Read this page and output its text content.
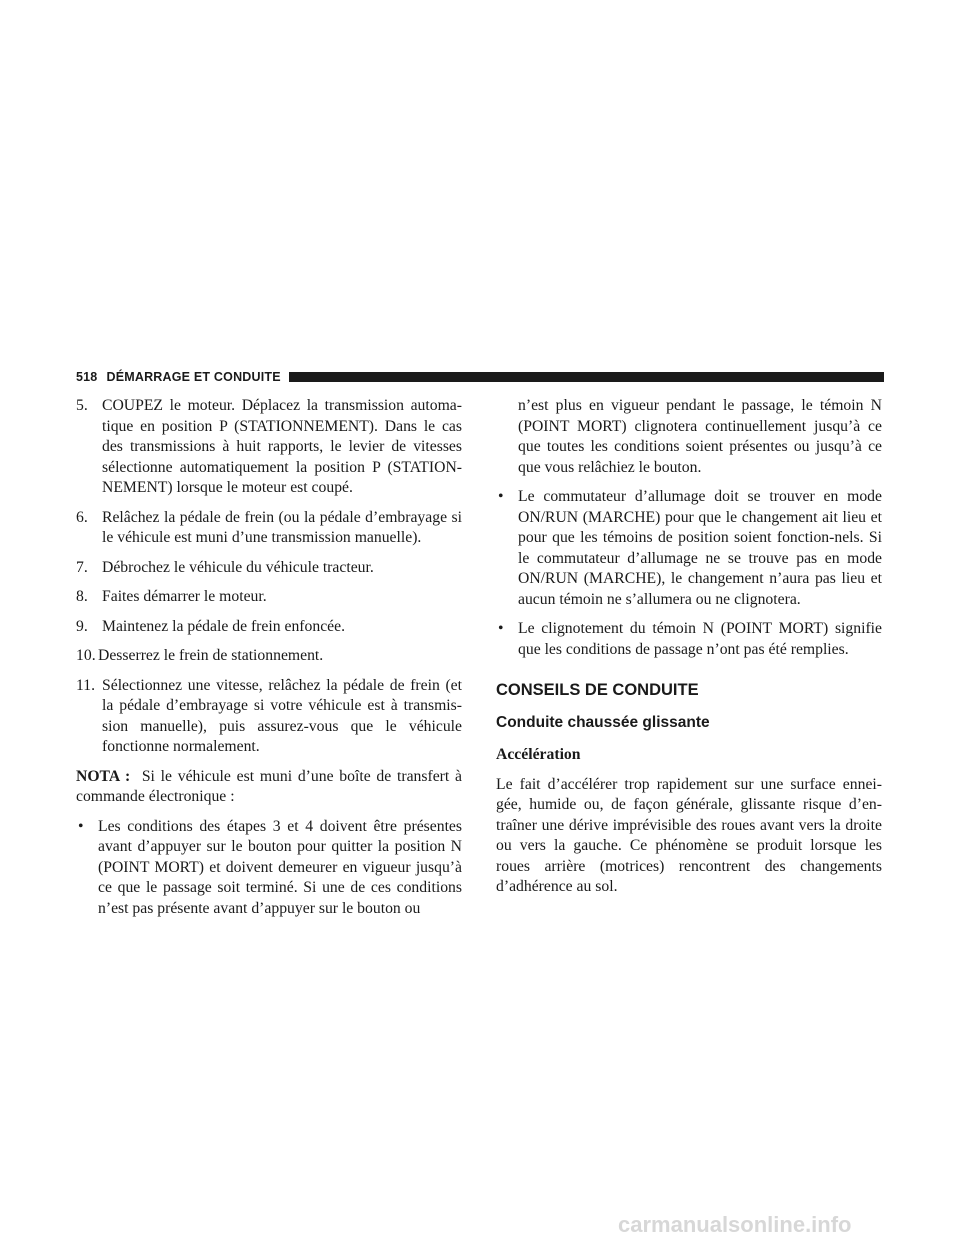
518 DÉMARRAGE ET CONDUITE

5. COUPEZ le moteur. Déplacez la transmission automa-tique en position P (STATIONNEMENT). Dans le cas des transmissions à huit rapports, le levier de vitesses sélectionne automatiquement la position P (STATION-NEMENT) lorsque le moteur est coupé.

6. Relâchez la pédale de frein (ou la pédale d’embrayage si le véhicule est muni d’une transmission manuelle).

7. Débrochez le véhicule du véhicule tracteur.

8. Faites démarrer le moteur.

9. Maintenez la pédale de frein enfoncée.

10. Desserrez le frein de stationnement.

11. Sélectionnez une vitesse, relâchez la pédale de frein (et la pédale d’embrayage si votre véhicule est à transmis-sion manuelle), puis assurez-vous que le véhicule fonctionne normalement.

NOTA : Si le véhicule est muni d’une boîte de transfert à commande électronique :

• Les conditions des étapes 3 et 4 doivent être présentes avant d’appuyer sur le bouton pour quitter la position N (POINT MORT) et doivent demeurer en vigueur jusqu’à ce que le passage soit terminé. Si une de ces conditions n’est pas présente avant d’appuyer sur le bouton ou

n’est plus en vigueur pendant le passage, le témoin N (POINT MORT) clignotera continuellement jusqu’à ce que toutes les conditions soient présentes ou jusqu’à ce que vous relâchiez le bouton.

• Le commutateur d’allumage doit se trouver en mode ON/RUN (MARCHE) pour que le changement ait lieu et pour que les témoins de position soient fonction-nels. Si le commutateur d’allumage ne se trouve pas en mode ON/RUN (MARCHE), le changement n’aura pas lieu et aucun témoin ne s’allumera ou ne clignotera.

• Le clignotement du témoin N (POINT MORT) signifie que les conditions de passage n’ont pas été remplies.

CONSEILS DE CONDUITE
Conduite chaussée glissante
Accélération

Le fait d’accélérer trop rapidement sur une surface ennei-gée, humide ou, de façon générale, glissante risque d’en-traîner une dérive imprévisible des roues avant vers la droite ou vers la gauche. Ce phénomène se produit lorsque les roues arrière (motrices) rencontrent des changements d’adhérence au sol.

carmanualsonline.info
